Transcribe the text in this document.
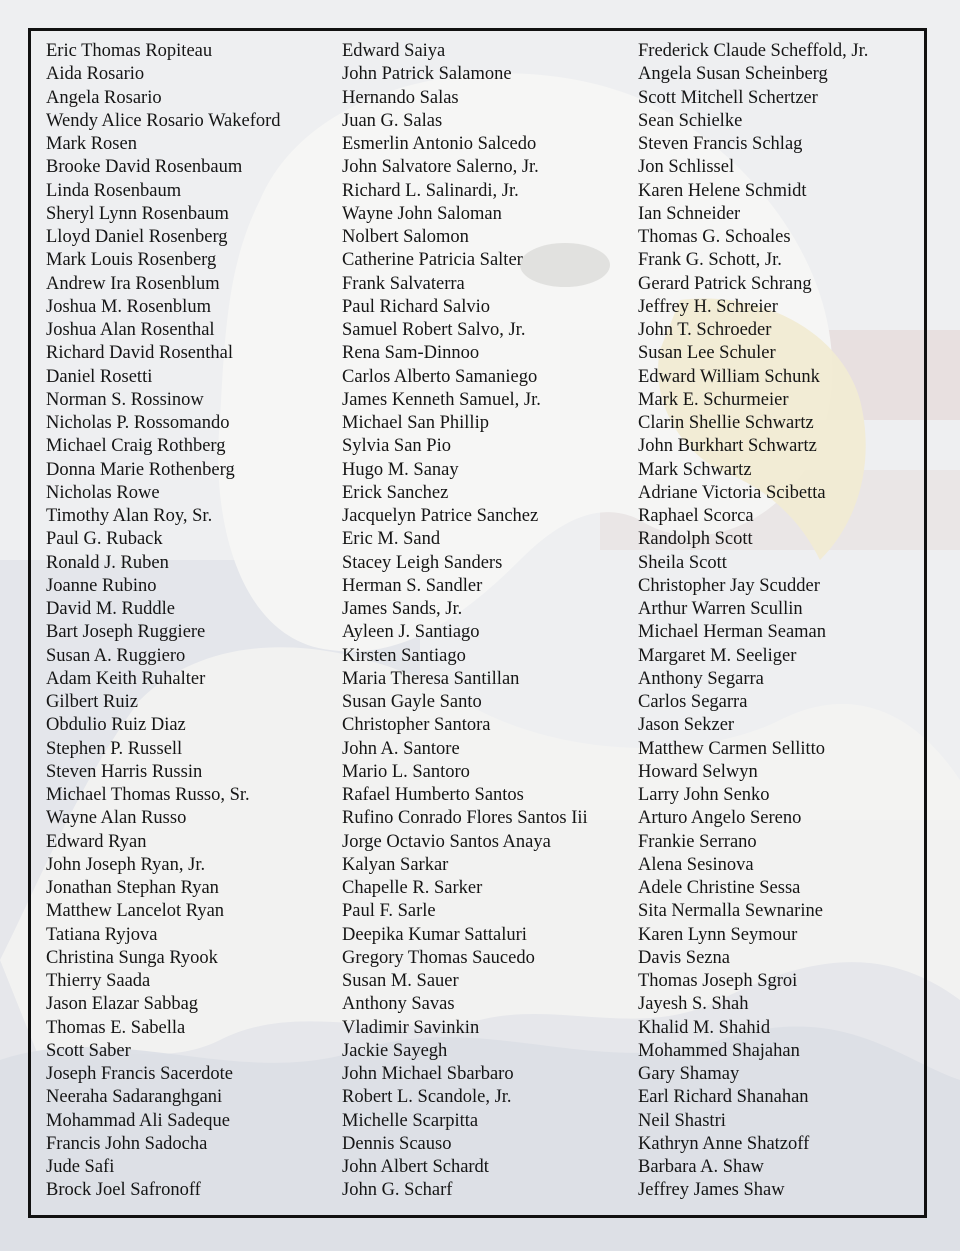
Eric Thomas Ropiteau
Aida Rosario
Angela Rosario
Wendy Alice Rosario Wakeford
Mark Rosen
Brooke David Rosenbaum
Linda Rosenbaum
Sheryl Lynn Rosenbaum
Lloyd Daniel Rosenberg
Mark Louis Rosenberg
Andrew Ira Rosenblum
Joshua M. Rosenblum
Joshua Alan Rosenthal
Richard David Rosenthal
Daniel Rosetti
Norman S. Rossinow
Nicholas P. Rossomando
Michael Craig Rothberg
Donna Marie Rothenberg
Nicholas Rowe
Timothy Alan Roy, Sr.
Paul G. Ruback
Ronald J. Ruben
Joanne Rubino
David M. Ruddle
Bart Joseph Ruggiere
Susan A. Ruggiero
Adam Keith Ruhalter
Gilbert Ruiz
Obdulio Ruiz Diaz
Stephen P. Russell
Steven Harris Russin
Michael Thomas Russo, Sr.
Wayne Alan Russo
Edward Ryan
John Joseph Ryan, Jr.
Jonathan Stephan Ryan
Matthew Lancelot Ryan
Tatiana Ryjova
Christina Sunga Ryook
Thierry Saada
Jason Elazar Sabbag
Thomas E. Sabella
Scott Saber
Joseph Francis Sacerdote
Neeraha Sadaranghgani
Mohammad Ali Sadeque
Francis John Sadocha
Jude Safi
Brock Joel Safronoff
Edward Saiya
John Patrick Salamone
Hernando Salas
Juan G. Salas
Esmerlin Antonio Salcedo
John Salvatore Salerno, Jr.
Richard L. Salinardi, Jr.
Wayne John Saloman
Nolbert Salomon
Catherine Patricia Salter
Frank Salvaterra
Paul Richard Salvio
Samuel Robert Salvo, Jr.
Rena Sam-Dinnoo
Carlos Alberto Samaniego
James Kenneth Samuel, Jr.
Michael San Phillip
Sylvia San Pio
Hugo M. Sanay
Erick Sanchez
Jacquelyn Patrice Sanchez
Eric M. Sand
Stacey Leigh Sanders
Herman S. Sandler
James Sands, Jr.
Ayleen J. Santiago
Kirsten Santiago
Maria Theresa Santillan
Susan Gayle Santo
Christopher Santora
John A. Santore
Mario L. Santoro
Rafael Humberto Santos
Rufino Conrado Flores Santos Iii
Jorge Octavio Santos Anaya
Kalyan Sarkar
Chapelle R. Sarker
Paul F. Sarle
Deepika Kumar Sattaluri
Gregory Thomas Saucedo
Susan M. Sauer
Anthony Savas
Vladimir Savinkin
Jackie Sayegh
John Michael Sbarbaro
Robert L. Scandole, Jr.
Michelle Scarpitta
Dennis Scauso
John Albert Schardt
John G. Scharf
Frederick Claude Scheffold, Jr.
Angela Susan Scheinberg
Scott Mitchell Schertzer
Sean Schielke
Steven Francis Schlag
Jon Schlissel
Karen Helene Schmidt
Ian Schneider
Thomas G. Schoales
Frank G. Schott, Jr.
Gerard Patrick Schrang
Jeffrey H. Schreier
John T. Schroeder
Susan Lee Schuler
Edward William Schunk
Mark E. Schurmeier
Clarin Shellie Schwartz
John Burkhart Schwartz
Mark Schwartz
Adriane Victoria Scibetta
Raphael Scorca
Randolph Scott
Sheila Scott
Christopher Jay Scudder
Arthur Warren Scullin
Michael Herman Seaman
Margaret M. Seeliger
Anthony Segarra
Carlos Segarra
Jason Sekzer
Matthew Carmen Sellitto
Howard Selwyn
Larry John Senko
Arturo Angelo Sereno
Frankie Serrano
Alena Sesinova
Adele Christine Sessa
Sita Nermalla Sewnarine
Karen Lynn Seymour
Davis Sezna
Thomas Joseph Sgroi
Jayesh S. Shah
Khalid M. Shahid
Mohammed Shajahan
Gary Shamay
Earl Richard Shanahan
Neil Shastri
Kathryn Anne Shatzoff
Barbara A. Shaw
Jeffrey James Shaw
